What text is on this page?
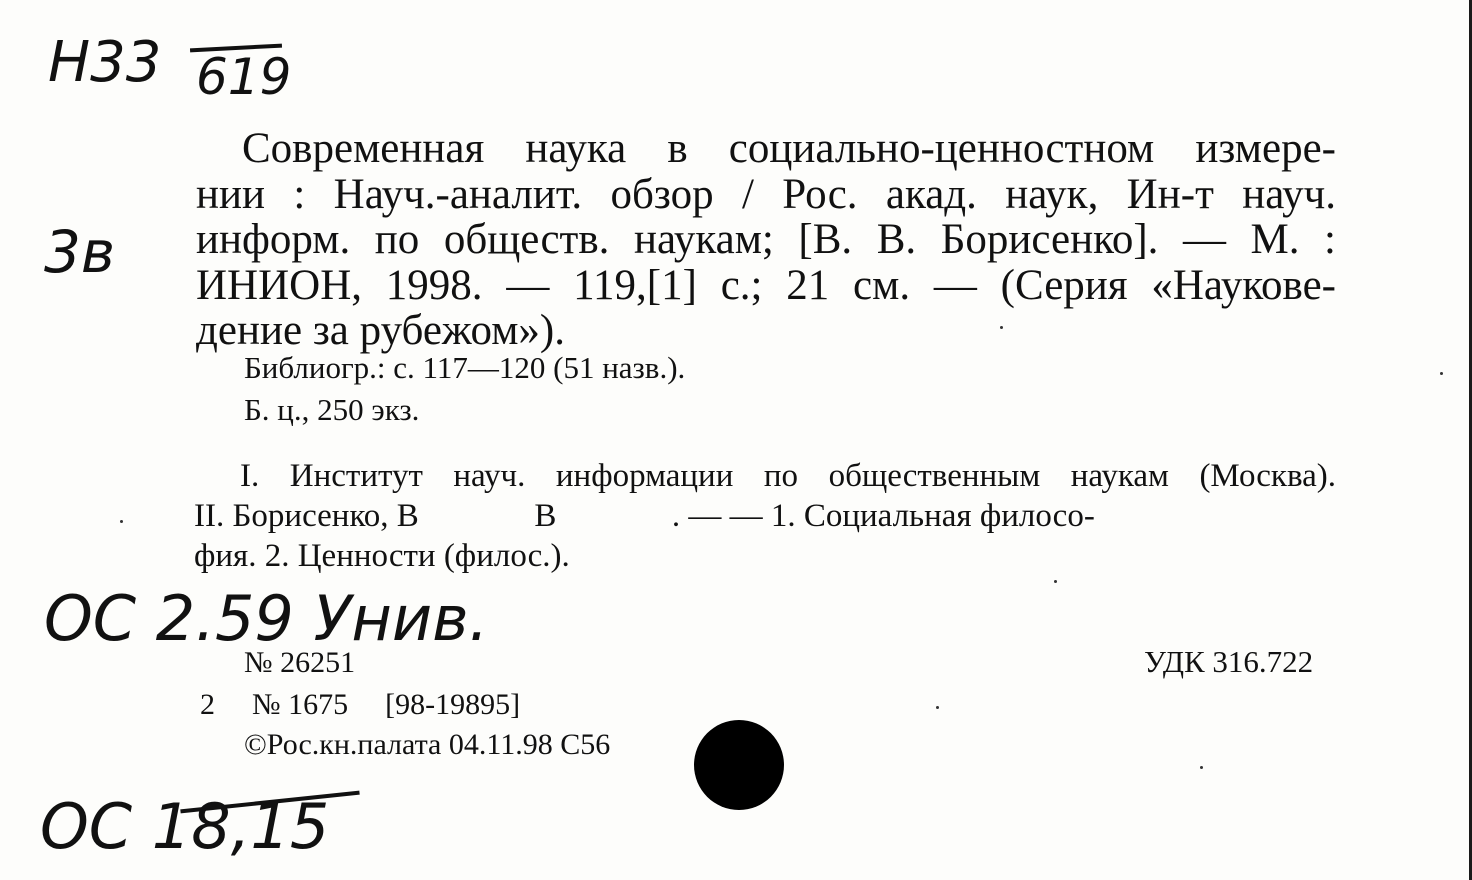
Н33 619
3в
Современная наука в социально-ценностном измере-
нии : Науч.-аналит. обзор / Рос. акад. наук, Ин-т науч.
информ. по обществ. наукам; [В. В. Борисенко]. — М. :
ИНИОН, 1998. — 119,[1] с.; 21 см. — (Серия «Наукове-
дение за рубежом»).
Библиогр.: с. 117—120 (51 назв.).
Б. ц., 250 экз.
I. Институт науч. информации по общественным наукам (Москва).
II. Борисенко, В              В              . — — 1. Социальная филосо-
фия. 2. Ценности (филос.).
ОС 2.59 Унив.
№ 26251
2 № 1675 [98-19895]
©Рос.кн.палата 04.11.98 С56
УДК 316.722
ОС 18,15
